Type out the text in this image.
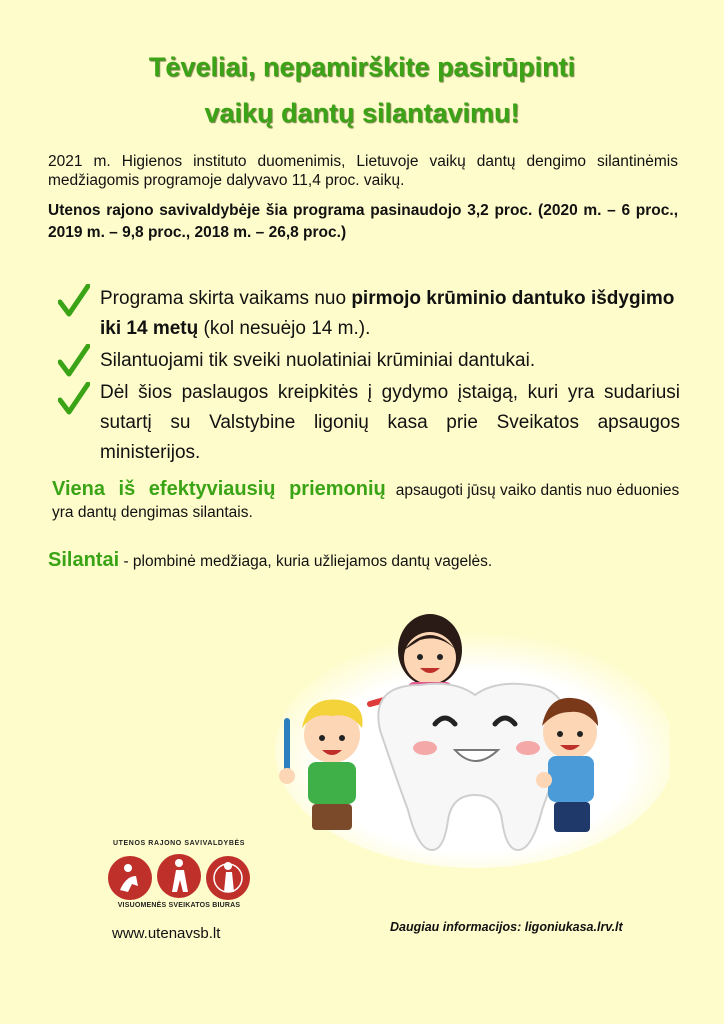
Tėveliai, nepamirškite pasirūpinti
vaikų dantų silantavimu!

2021 m. Higienos instituto duomenimis, Lietuvoje vaikų dantų dengimo silantinėmis medžiagomis programoje dalyvavo 11,4 proc. vaikų.

Utenos rajono savivaldybėje šia programa pasinaudojo 3,2 proc. (2020 m. – 6 proc., 2019 m. – 9,8 proc., 2018 m. – 26,8 proc.)

Programa skirta vaikams nuo pirmojo krūminio dantuko išdygimo iki 14 metų (kol nesuėjo 14 m.).

Silantuojami tik sveiki nuolatiniai krūminiai dantukai.

Dėl šios paslaugos kreipkitės į gydymo įstaigą, kuri yra sudariusi sutartį su Valstybine ligonių kasa prie Sveikatos apsaugos ministerijos.

Viena iš efektyviausių priemonių apsaugoti jūsų vaiko dantis nuo ėduonies yra dantų dengimas silantais.

Silantai - plombinė medžiaga, kuria užliejamos dantų vagelės.

UTENOS RAJONO SAVIVALDYBĖS
VISUOMENĖS SVEIKATOS BIURAS
www.utenavsb.lt	Daugiau informacijos: ligoniukasa.lrv.lt
